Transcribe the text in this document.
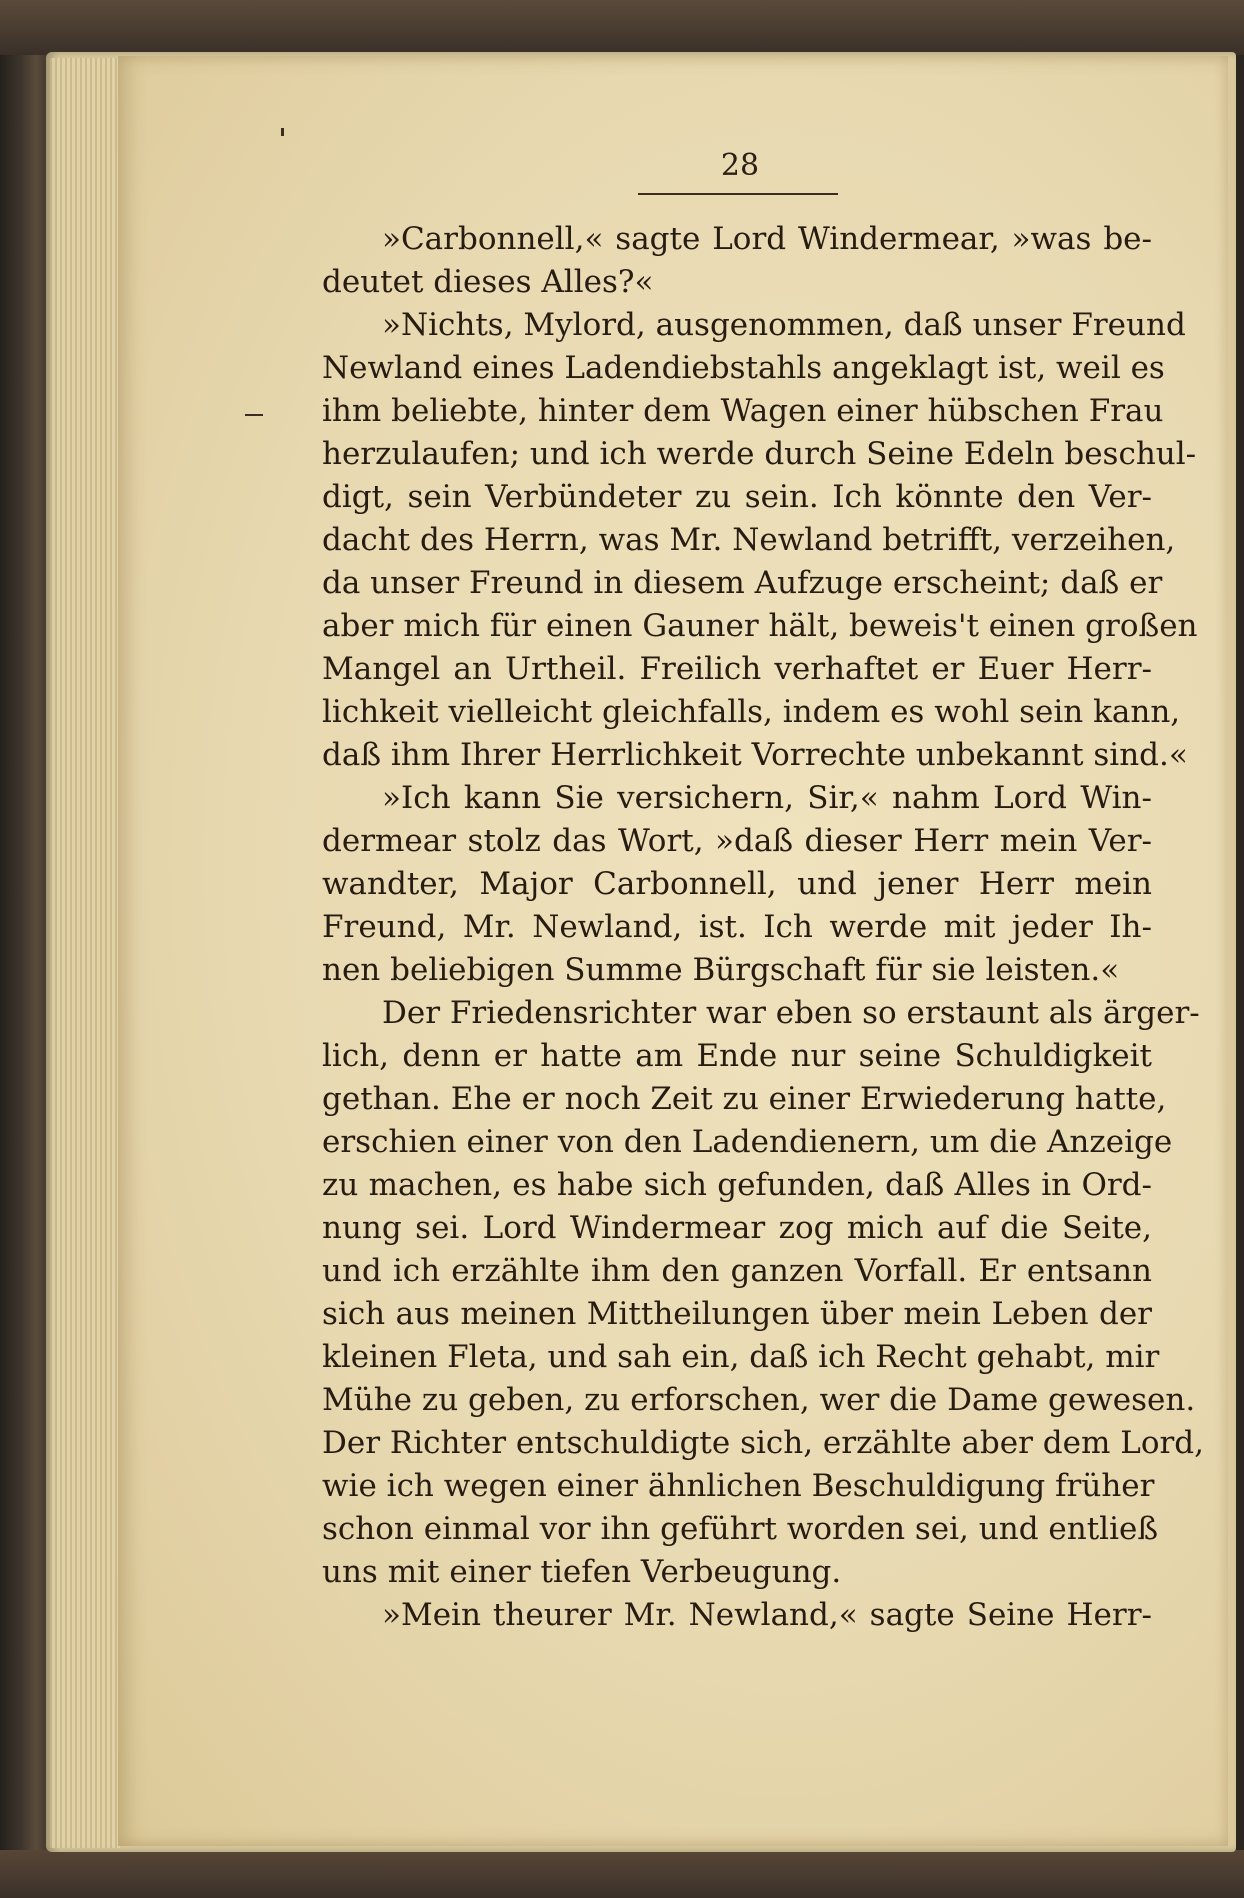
28
»Carbonnell,« sagte Lord Windermear, »was be-
deutet dieses Alles?«
»Nichts, Mylord, ausgenommen, daß unser Freund
Newland eines Ladendiebstahls angeklagt ist, weil es
ihm beliebte, hinter dem Wagen einer hübschen Frau
herzulaufen; und ich werde durch Seine Edeln beschul-
digt, sein Verbündeter zu sein. Ich könnte den Ver-
dacht des Herrn, was Mr. Newland betrifft, verzeihen,
da unser Freund in diesem Aufzuge erscheint; daß er
aber mich für einen Gauner hält, beweis't einen großen
Mangel an Urtheil. Freilich verhaftet er Euer Herr-
lichkeit vielleicht gleichfalls, indem es wohl sein kann,
daß ihm Ihrer Herrlichkeit Vorrechte unbekannt sind.«
»Ich kann Sie versichern, Sir,« nahm Lord Win-
dermear stolz das Wort, »daß dieser Herr mein Ver-
wandter, Major Carbonnell, und jener Herr mein
Freund, Mr. Newland, ist. Ich werde mit jeder Ih-
nen beliebigen Summe Bürgschaft für sie leisten.«
Der Friedensrichter war eben so erstaunt als ärger-
lich, denn er hatte am Ende nur seine Schuldigkeit
gethan. Ehe er noch Zeit zu einer Erwiederung hatte,
erschien einer von den Ladendienern, um die Anzeige
zu machen, es habe sich gefunden, daß Alles in Ord-
nung sei. Lord Windermear zog mich auf die Seite,
und ich erzählte ihm den ganzen Vorfall. Er entsann
sich aus meinen Mittheilungen über mein Leben der
kleinen Fleta, und sah ein, daß ich Recht gehabt, mir
Mühe zu geben, zu erforschen, wer die Dame gewesen.
Der Richter entschuldigte sich, erzählte aber dem Lord,
wie ich wegen einer ähnlichen Beschuldigung früher
schon einmal vor ihn geführt worden sei, und entließ
uns mit einer tiefen Verbeugung.
»Mein theurer Mr. Newland,« sagte Seine Herr-
